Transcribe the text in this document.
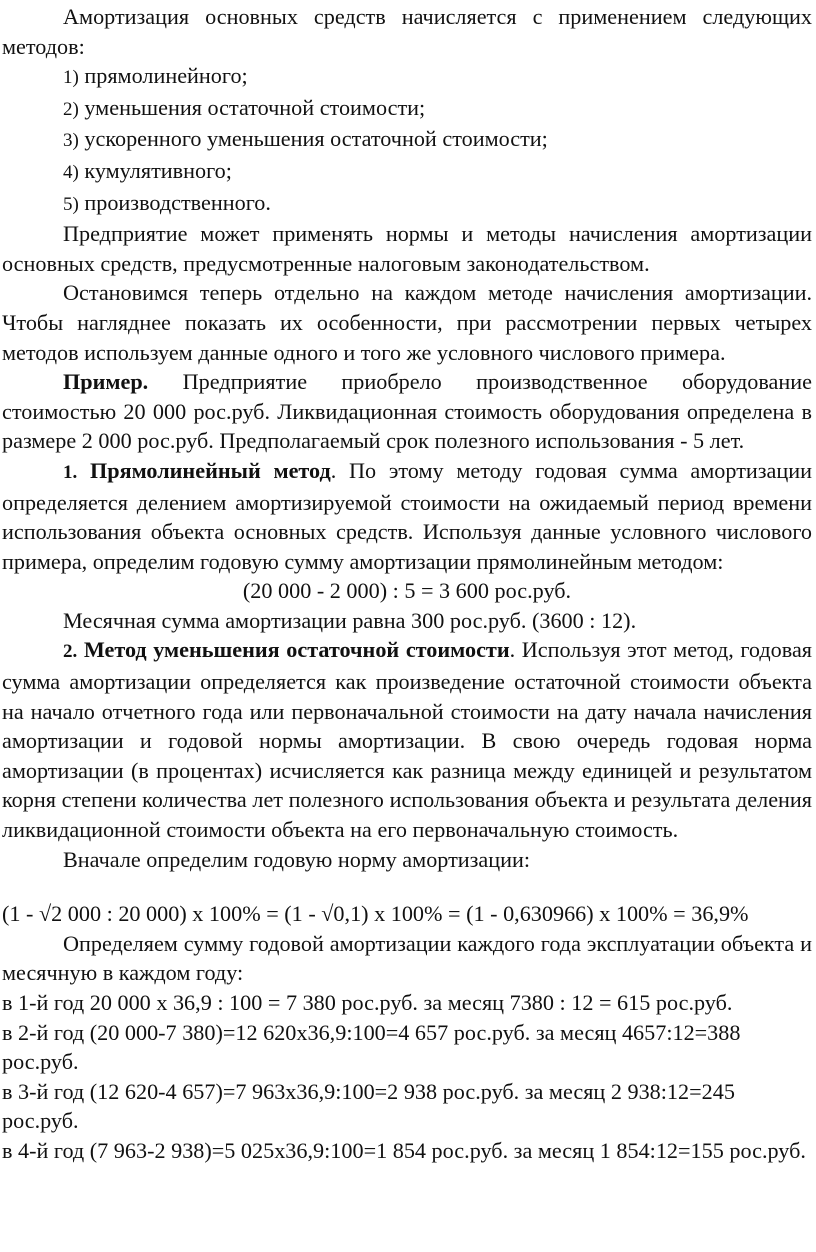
Амортизация основных средств начисляется с применением следующих методов:

1) прямолинейного;

2) уменьшения остаточной стоимости;

3) ускоренного уменьшения остаточной стоимости;

4) кумулятивного;

5) производственного.

Предприятие может применять нормы и методы начисления амортизации основных средств, предусмотренные налоговым законодательством.

Остановимся теперь отдельно на каждом методе начисления амортизации. Чтобы нагляднее показать их особенности, при рассмотрении первых четырех методов используем данные одного и того же условного числового примера.

Пример. Предприятие приобрело производственное оборудование стоимостью 20 000 рос.руб. Ликвидационная стоимость оборудования определена в размере 2 000 рос.руб. Предполагаемый срок полезного использования - 5 лет.

1. Прямолинейный метод. По этому методу годовая сумма амортизации определяется делением амортизируемой стоимости на ожидаемый период времени использования объекта основных средств. Используя данные условного числового примера, определим годовую сумму амортизации прямолинейным методом:

(20 000 - 2 000) : 5 = 3 600 рос.руб.

Месячная сумма амортизации равна 300 рос.руб. (3600 : 12).

2. Метод уменьшения остаточной стоимости. Используя этот метод, годовая сумма амортизации определяется как произведение остаточной стоимости объекта на начало отчетного года или первоначальной стоимости на дату начала начисления амортизации и годовой нормы амортизации. В свою очередь годовая норма амортизации (в процентах) исчисляется как разница между единицей и результатом корня степени количества лет полезного использования объекта и результата деления ликвидационной стоимости объекта на его первоначальную стоимость.

Вначале определим годовую норму амортизации:

(1 - √2 000 : 20 000) х 100% = (1 - √0,1) х 100% = (1 - 0,630966) х 100% = 36,9%

Определяем сумму годовой амортизации каждого года эксплуатации объекта и месячную в каждом году:

в 1-й год 20 000 х 36,9 : 100 = 7 380 рос.руб. за месяц 7380 : 12 = 615 рос.руб.

в 2-й год (20 000-7 380)=12 620х36,9:100=4 657 рос.руб. за месяц 4657:12=388 рос.руб.

в 3-й год (12 620-4 657)=7 963х36,9:100=2 938 рос.руб. за месяц 2 938:12=245 рос.руб.

в 4-й год (7 963-2 938)=5 025х36,9:100=1 854 рос.руб. за месяц 1 854:12=155 рос.руб.
